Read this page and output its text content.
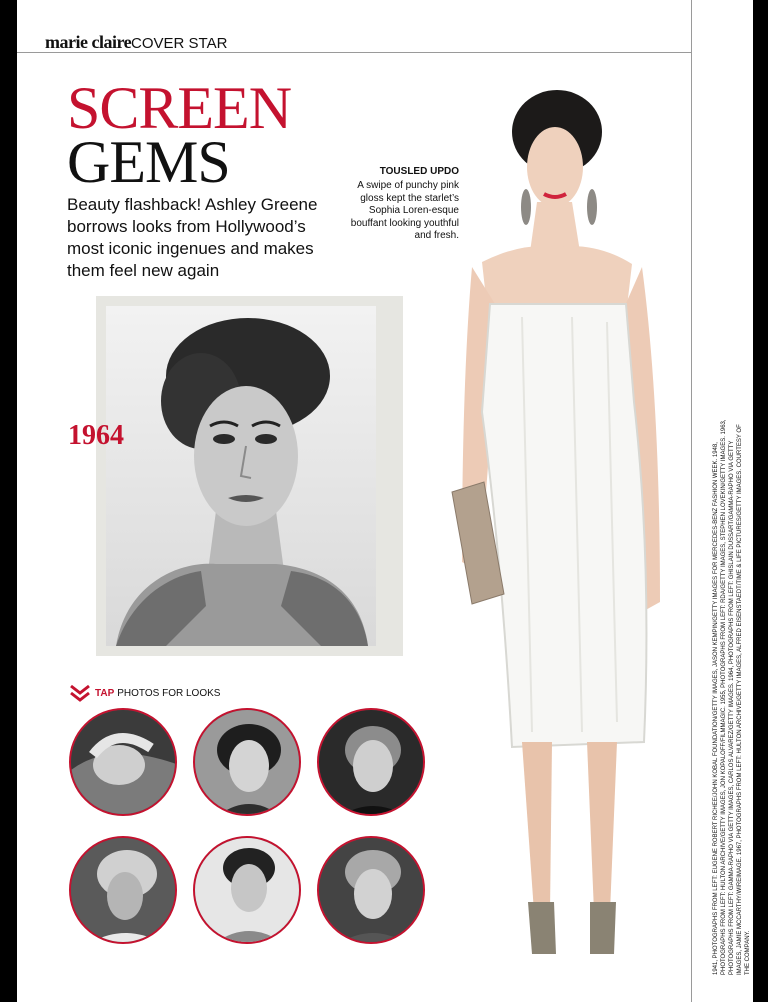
marie claire COVER STAR
SCREEN
GEMS
Beauty flashback! Ashley Greene borrows looks from Hollywood’s most iconic ingenues and makes them feel new again
TOUSLED UPDO
A swipe of punchy pink gloss kept the starlet’s Sophia Loren-esque bouffant looking youthful and fresh.
1964
TAP PHOTOS FOR LOOKS	1941, PHOTOGRAPHS FROM LEFT: EUGENE ROBERT RICHEE/JOHN KOBAL FOUNDATION/GETTY IMAGES, JASON KEMPIN/GETTY IMAGES FOR MERCEDES-BENZ FASHION WEEK. 1948, PHOTOGRAPHS FROM LEFT: HULTON ARCHIVE/GETTY IMAGES, JON KOPALOFF/FILMMAGIC. 1955, PHOTOGRAPHS FROM LEFT: RDA/GETTY IMAGES, STEPHEN LOVEKIN/GETTY IMAGES. 1963, PHOTOGRAPHS FROM LEFT: GAMMA-RAPHO VIA GETTY IMAGES, CARLOS ALVAREZ/GETTY IMAGES. 1964, PHOTOGRAPHS FROM LEFT: GHISLAIN DUSSART/GAMMA-RAPHO VIA GETTY IMAGES, JAMIE MCCARTHY/WIREIMAGE. 1967, PHOTOGRAPHS FROM LEFT: HULTON ARCHIVE/GETTY IMAGES, ALFRED EISENSTAEDT/TIME & LIFE PICTURES/GETTY IMAGES. COURTESY OF THE COMPANY.
